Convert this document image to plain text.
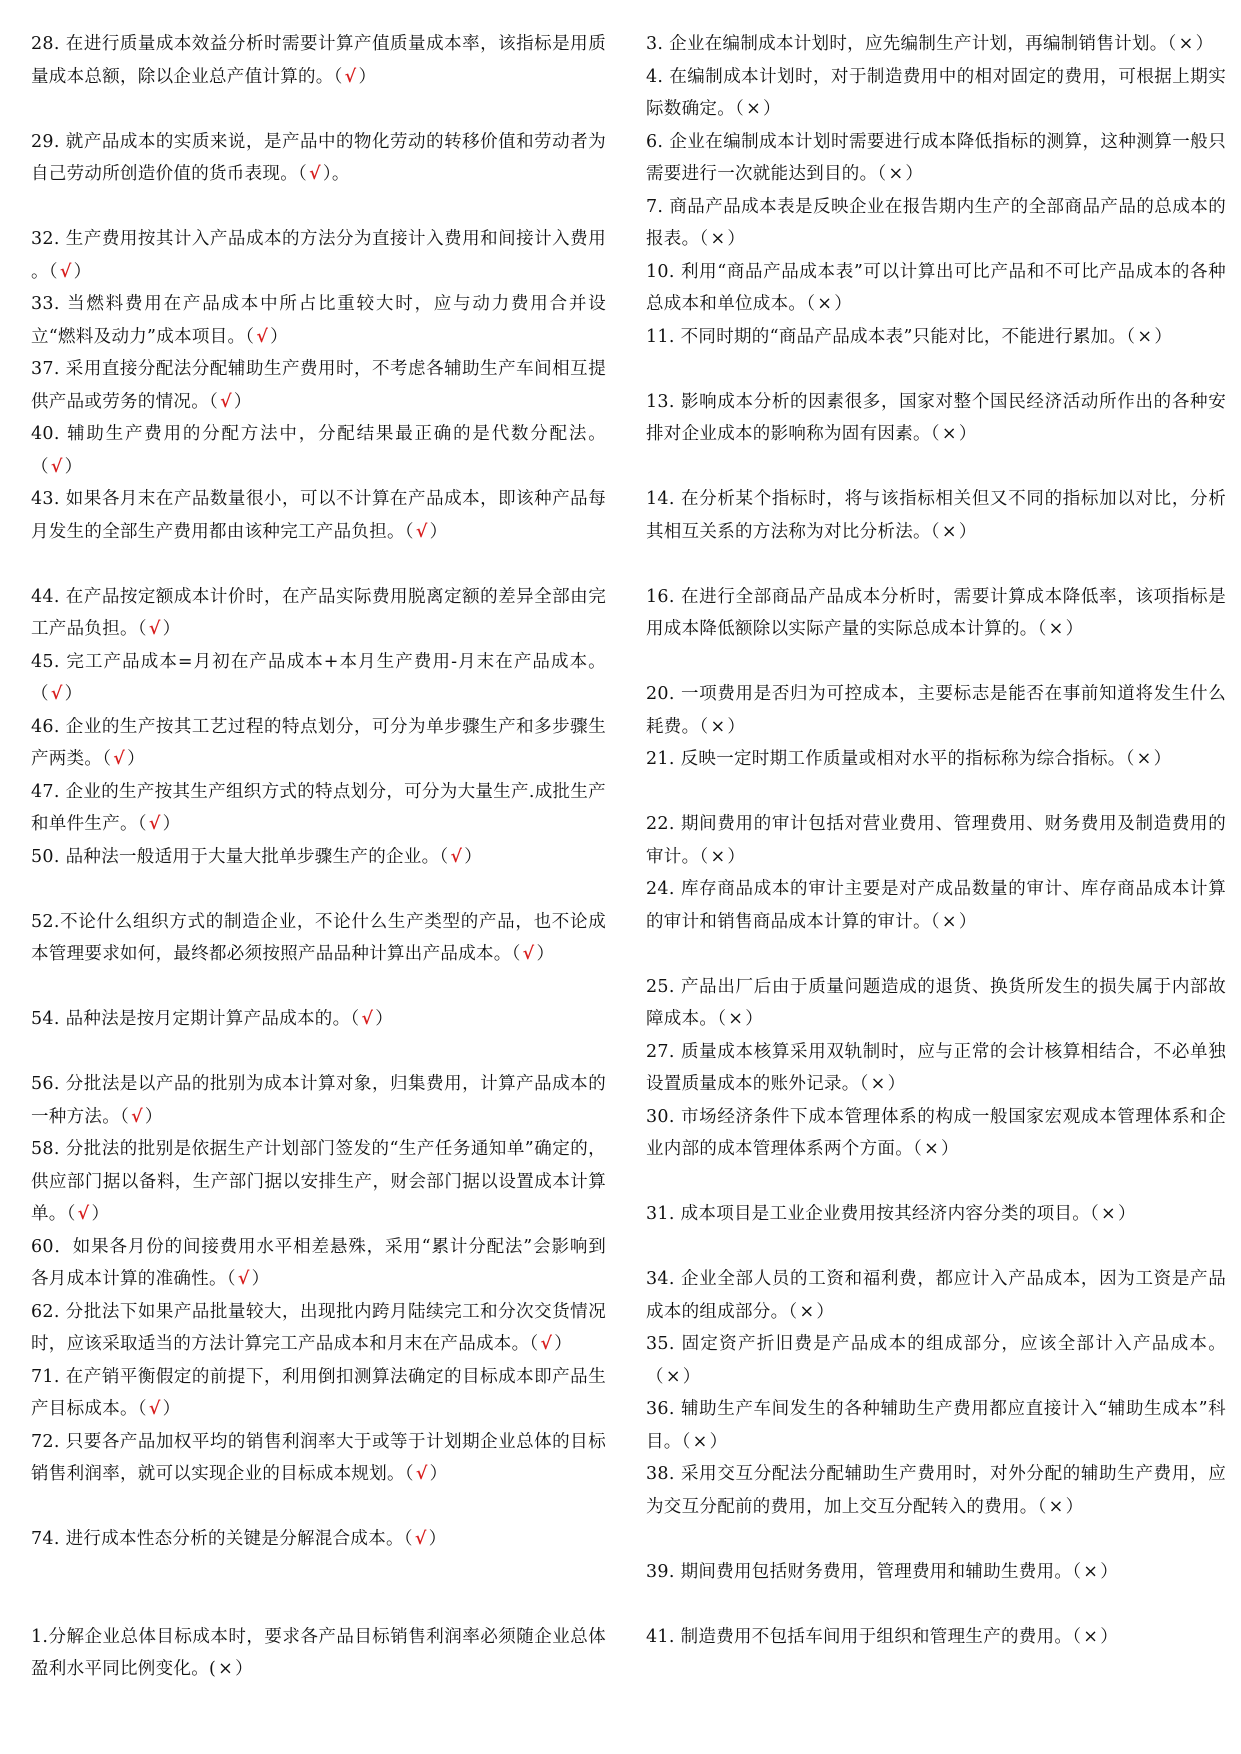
28. 在进行质量成本效益分析时需要计算产值质量成本率，该指标是用质量成本总额，除以企业总产值计算的。（ √ ）

29. 就产品成本的实质来说，是产品中的物化劳动的转移价值和劳动者为自己劳动所创造价值的货币表现。（ √ ）。

32. 生产费用按其计入产品成本的方法分为直接计入费用和间接计入费用 。（ √ ）

33. 当燃料费用在产品成本中所占比重较大时，应与动力费用合并设立“燃料及动力”成本项目。（ √ ）

37. 采用直接分配法分配辅助生产费用时，不考虑各辅助生产车间相互提供产品或劳务的情况。（ √ ）

40. 辅助生产费用的分配方法中，分配结果最正确的是代数分配法。（ √ ）

43. 如果各月末在产品数量很小，可以不计算在产品成本，即该种产品每月发生的全部生产费用都由该种完工产品负担。（ √ ）

44. 在产品按定额成本计价时，在产品实际费用脱离定额的差异全部由完工产品负担。（ √ ）

45. 完工产品成本=月初在产品成本+本月生产费用-月末在产品成本。（ √ ）

46. 企业的生产按其工艺过程的特点划分，可分为单步骤生产和多步骤生产两类。（ √ ）

47. 企业的生产按其生产组织方式的特点划分，可分为大量生产.成批生产和单件生产。（ √ ）

50. 品种法一般适用于大量大批单步骤生产的企业。（ √ ）

52.不论什么组织方式的制造企业，不论什么生产类型的产品，也不论成本管理要求如何，最终都必须按照产品品种计算出产品成本。（ √ ）

54. 品种法是按月定期计算产品成本的。（ √ ）

56. 分批法是以产品的批别为成本计算对象，归集费用，计算产品成本的一种方法。（ √ ）

58. 分批法的批别是依据生产计划部门签发的“生产任务通知单”确定的，供应部门据以备料，生产部门据以安排生产，财会部门据以设置成本计算单。（ √ ）

60．如果各月份的间接费用水平相差悬殊，采用“累计分配法”会影响到各月成本计算的准确性。（ √ ）

62. 分批法下如果产品批量较大，出现批内跨月陆续完工和分次交货情况时，应该采取适当的方法计算完工产品成本和月末在产品成本。（ √ ）

71. 在产销平衡假定的前提下，利用倒扣测算法确定的目标成本即产品生产目标成本。（ √ ）

72. 只要各产品加权平均的销售利润率大于或等于计划期企业总体的目标销售利润率，就可以实现企业的目标成本规划。（ √ ）

74. 进行成本性态分析的关键是分解混合成本。（ √ ）

1.分解企业总体目标成本时，要求各产品目标销售利润率必须随企业总体盈利水平同比例变化。( × ）

3. 企业在编制成本计划时，应先编制生产计划，再编制销售计划。（ × ）

4. 在编制成本计划时，对于制造费用中的相对固定的费用，可根据上期实际数确定。（ × ）

6. 企业在编制成本计划时需要进行成本降低指标的测算，这种测算一般只需要进行一次就能达到目的。（ × ）

7. 商品产品成本表是反映企业在报告期内生产的全部商品产品的总成本的报表。（ × ）

10. 利用“商品产品成本表”可以计算出可比产品和不可比产品成本的各种总成本和单位成本。（ × ）

11. 不同时期的“商品产品成本表”只能对比，不能进行累加。（ × ）

13. 影响成本分析的因素很多，国家对整个国民经济活动所作出的各种安排对企业成本的影响称为固有因素。（ × ）

14. 在分析某个指标时，将与该指标相关但又不同的指标加以对比，分析其相互关系的方法称为对比分析法。（ × ）

16. 在进行全部商品产品成本分析时，需要计算成本降低率，该项指标是用成本降低额除以实际产量的实际总成本计算的。（ × ）

20. 一项费用是否归为可控成本，主要标志是能否在事前知道将发生什么耗费。（ × ）

21. 反映一定时期工作质量或相对水平的指标称为综合指标。（ × ）

22. 期间费用的审计包括对营业费用、管理费用、财务费用及制造费用的审计。（ × ）

24. 库存商品成本的审计主要是对产成品数量的审计、库存商品成本计算的审计和销售商品成本计算的审计。（ × ）

25. 产品出厂后由于质量问题造成的退货、换货所发生的损失属于内部故障成本。（ × ）

27. 质量成本核算采用双轨制时，应与正常的会计核算相结合，不必单独设置质量成本的账外记录。（ × ）

30. 市场经济条件下成本管理体系的构成一般国家宏观成本管理体系和企业内部的成本管理体系两个方面。（ × ）

31. 成本项目是工业企业费用按其经济内容分类的项目。（ × ）

34. 企业全部人员的工资和福利费，都应计入产品成本，因为工资是产品成本的组成部分。（ × ）

35. 固定资产折旧费是产品成本的组成部分，应该全部计入产品成本。（ × ）

36. 辅助生产车间发生的各种辅助生产费用都应直接计入“辅助生成本”科目。（ × ）

38. 采用交互分配法分配辅助生产费用时，对外分配的辅助生产费用，应为交互分配前的费用，加上交互分配转入的费用。（ × ）

39. 期间费用包括财务费用，管理费用和辅助生费用。（ × ）

41. 制造费用不包括车间用于组织和管理生产的费用。（ × ）
